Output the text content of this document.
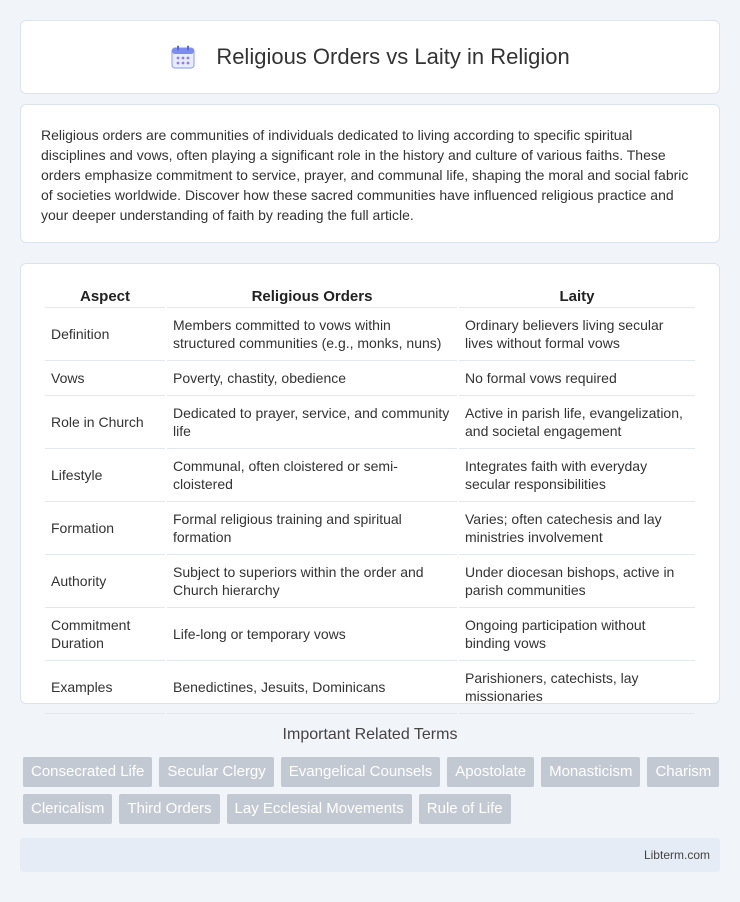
Religious Orders vs Laity in Religion

Religious orders are communities of individuals dedicated to living according to specific spiritual disciplines and vows, often playing a significant role in the history and culture of various faiths. These orders emphasize commitment to service, prayer, and communal life, shaping the moral and social fabric of societies worldwide. Discover how these sacred communities have influenced religious practice and your deeper understanding of faith by reading the full article.

Aspect	Religious Orders	Laity
Definition	Members committed to vows within structured communities (e.g., monks, nuns)	Ordinary believers living secular lives without formal vows
Vows	Poverty, chastity, obedience	No formal vows required
Role in Church	Dedicated to prayer, service, and community life	Active in parish life, evangelization, and societal engagement
Lifestyle	Communal, often cloistered or semi-cloistered	Integrates faith with everyday secular responsibilities
Formation	Formal religious training and spiritual formation	Varies; often catechesis and lay ministries involvement
Authority	Subject to superiors within the order and Church hierarchy	Under diocesan bishops, active in parish communities
Commitment Duration	Life-long or temporary vows	Ongoing participation without binding vows
Examples	Benedictines, Jesuits, Dominicans	Parishioners, catechists, lay missionaries
Important Related Terms
Consecrated Life	Secular Clergy	Evangelical Counsels	Apostolate	Monasticism	Charism
Clericalism	Third Orders	Lay Ecclesial Movements	Rule of Life
Libterm.com
